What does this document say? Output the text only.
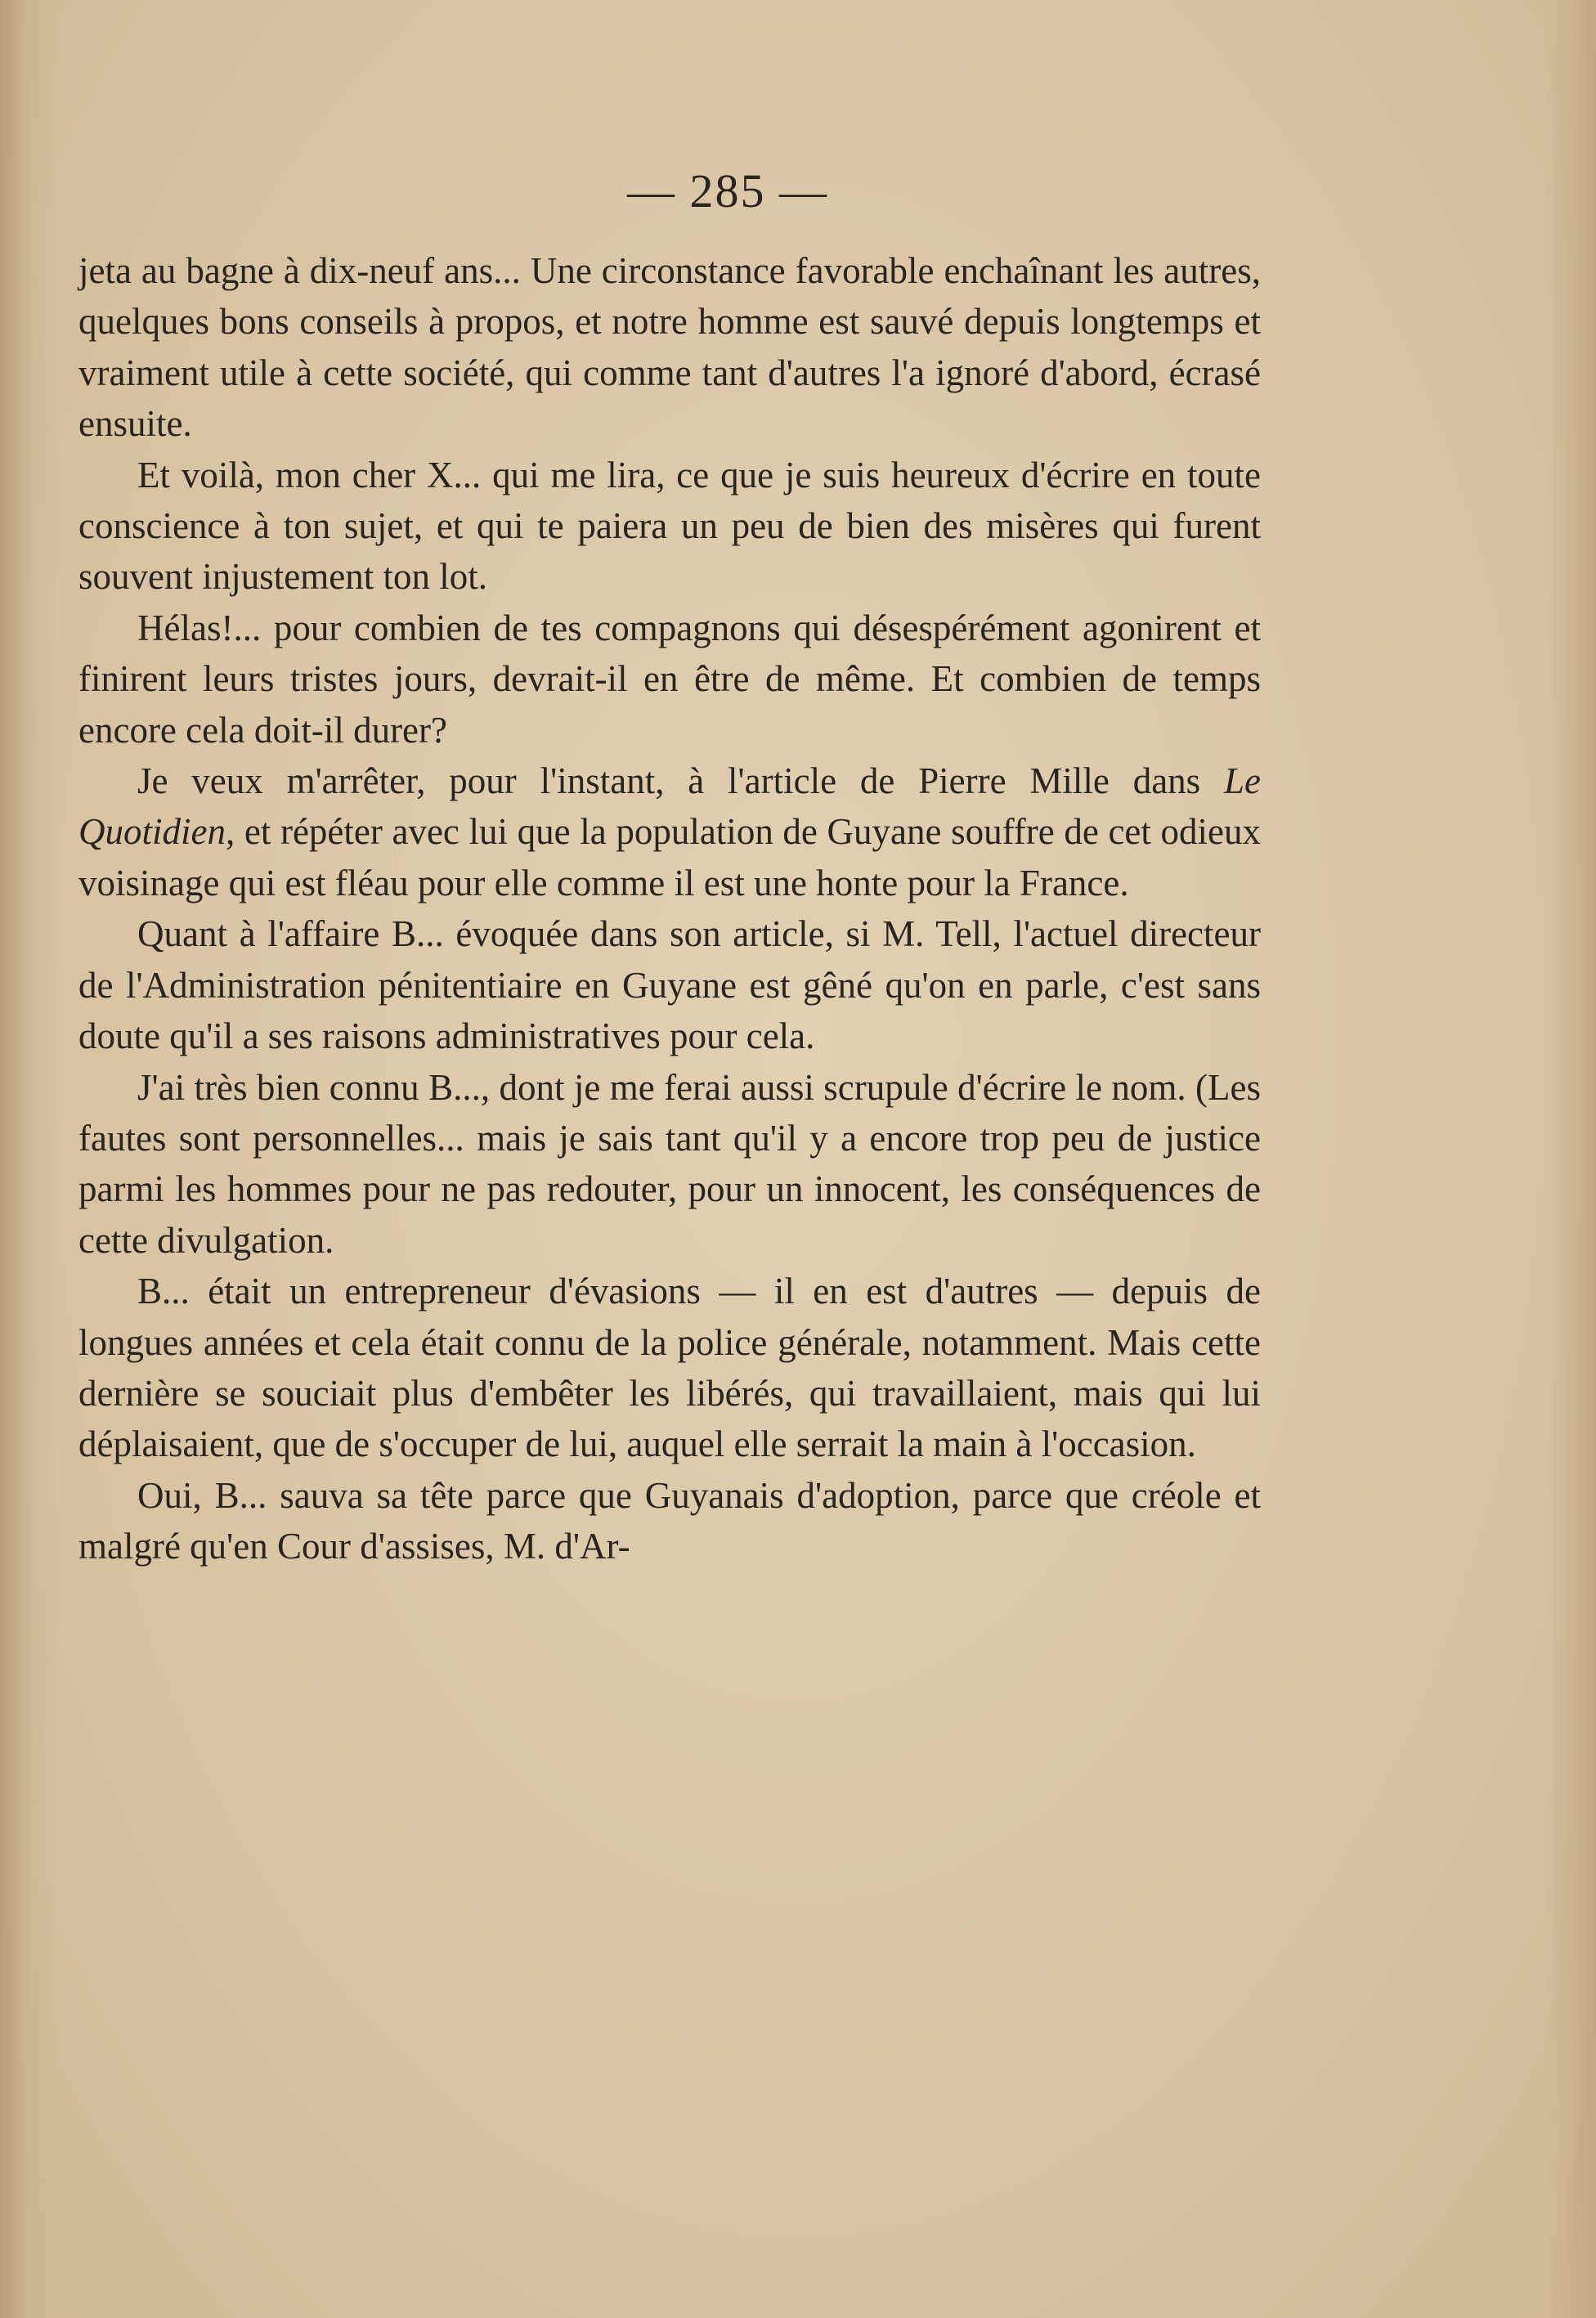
— 285 —

jeta au bagne à dix-neuf ans... Une circonstance favorable enchaînant les autres, quelques bons conseils à propos, et notre homme est sauvé depuis longtemps et vraiment utile à cette société, qui comme tant d'autres l'a ignoré d'abord, écrasé ensuite.

Et voilà, mon cher X... qui me lira, ce que je suis heureux d'écrire en toute conscience à ton sujet, et qui te paiera un peu de bien des misères qui furent souvent injustement ton lot.

Hélas!... pour combien de tes compagnons qui désespérément agonirent et finirent leurs tristes jours, devrait-il en être de même. Et combien de temps encore cela doit-il durer?

Je veux m'arrêter, pour l'instant, à l'article de Pierre Mille dans Le Quotidien, et répéter avec lui que la population de Guyane souffre de cet odieux voisinage qui est fléau pour elle comme il est une honte pour la France.

Quant à l'affaire B... évoquée dans son article, si M. Tell, l'actuel directeur de l'Administration pénitentiaire en Guyane est gêné qu'on en parle, c'est sans doute qu'il a ses raisons administratives pour cela.

J'ai très bien connu B..., dont je me ferai aussi scrupule d'écrire le nom. (Les fautes sont personnelles... mais je sais tant qu'il y a encore trop peu de justice parmi les hommes pour ne pas redouter, pour un innocent, les conséquences de cette divulgation.

B... était un entrepreneur d'évasions — il en est d'autres — depuis de longues années et cela était connu de la police générale, notamment. Mais cette dernière se souciait plus d'embêter les libérés, qui travaillaient, mais qui lui déplaisaient, que de s'occuper de lui, auquel elle serrait la main à l'occasion.

Oui, B... sauva sa tête parce que Guyanais d'adoption, parce que créole et malgré qu'en Cour d'assises, M. d'Ar-
